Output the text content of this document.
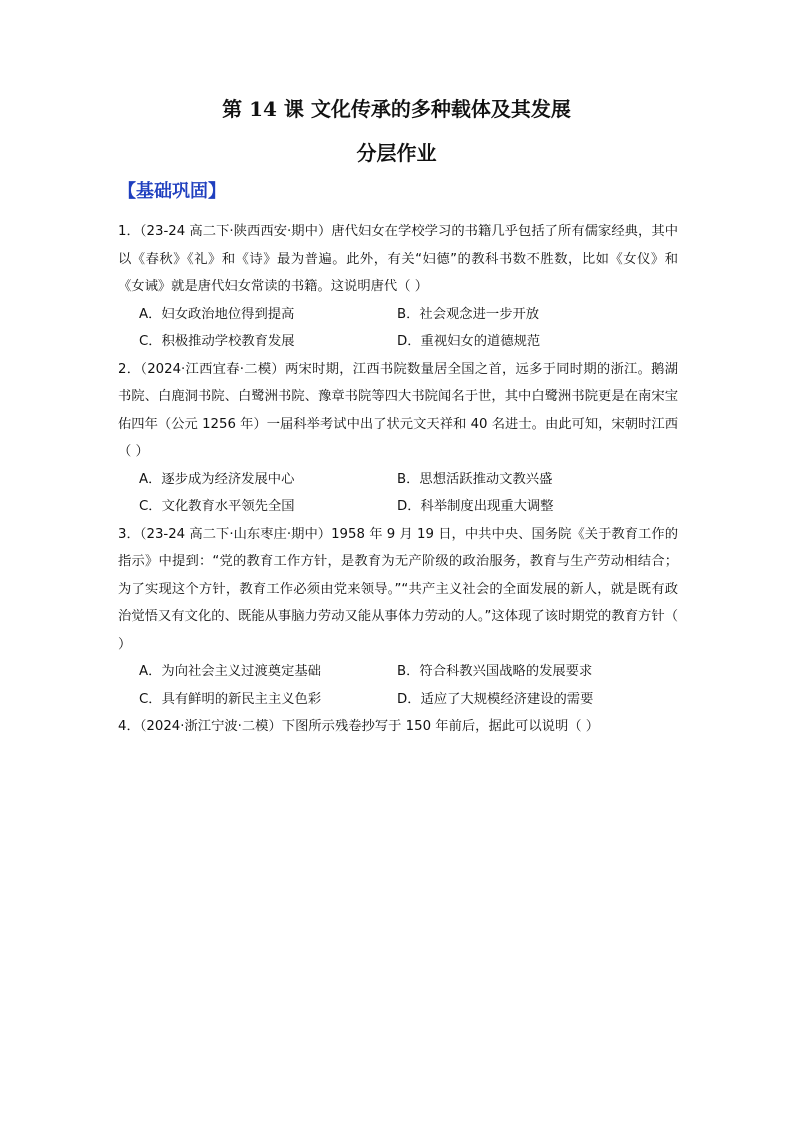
第 14 课 文化传承的多种载体及其发展
分层作业
【基础巩固】
1．（23-24 高二下·陕西西安·期中）唐代妇女在学校学习的书籍几乎包括了所有儒家经典，其中以《春秋》《礼》和《诗》最为普遍。此外，有关“妇德”的教科书数不胜数，比如《女仪》和《女诫》就是唐代妇女常读的书籍。这说明唐代（ ）
A．妇女政治地位得到提高	B．社会观念进一步开放
C．积极推动学校教育发展	D．重视妇女的道德规范
2．（2024·江西宜春·二模）两宋时期，江西书院数量居全国之首，远多于同时期的浙江。鹅湖书院、白鹿洞书院、白鹭洲书院、豫章书院等四大书院闻名于世，其中白鹭洲书院更是在南宋宝佑四年（公元 1256 年）一届科举考试中出了状元文天祥和 40 名进士。由此可知，宋朝时江西（ ）
A．逐步成为经济发展中心	B．思想活跃推动文教兴盛
C．文化教育水平领先全国	D．科举制度出现重大调整
3．（23-24 高二下·山东枣庄·期中）1958 年 9 月 19 日，中共中央、国务院《关于教育工作的指示》中提到：“党的教育工作方针，是教育为无产阶级的政治服务，教育与生产劳动相结合；为了实现这个方针，教育工作必须由党来领导。”“共产主义社会的全面发展的新人，就是既有政治觉悟又有文化的、既能从事脑力劳动又能从事体力劳动的人。”这体现了该时期党的教育方针（ ）
A．为向社会主义过渡奠定基础	B．符合科教兴国战略的发展要求
C．具有鲜明的新民主主义色彩	D．适应了大规模经济建设的需要
4．（2024·浙江宁波·二模）下图所示残卷抄写于 150 年前后，据此可以说明（ ）
